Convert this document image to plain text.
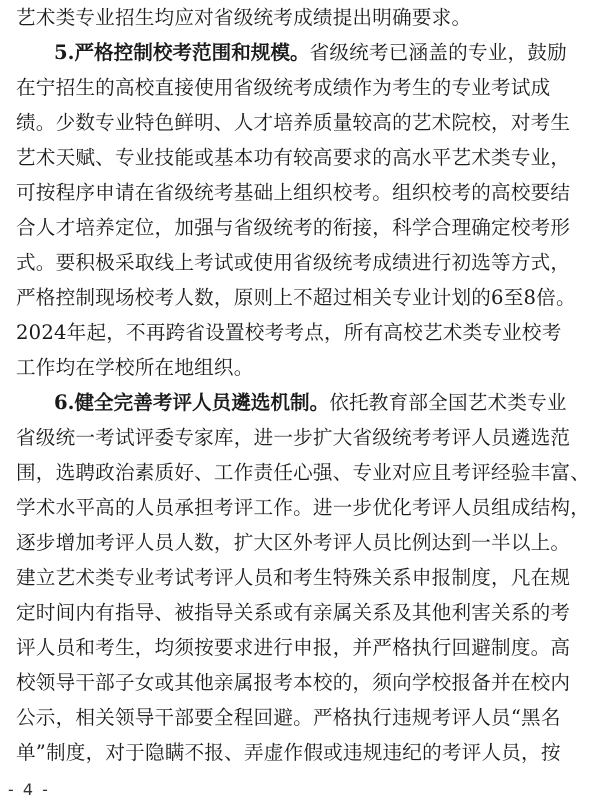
艺术类专业招生均应对省级统考成绩提出明确要求。
5.严格控制校考范围和规模。省级统考已涵盖的专业，鼓励
在宁招生的高校直接使用省级统考成绩作为考生的专业考试成
绩。少数专业特色鲜明、人才培养质量较高的艺术院校，对考生
艺术天赋、专业技能或基本功有较高要求的高水平艺术类专业，
可按程序申请在省级统考基础上组织校考。组织校考的高校要结
合人才培养定位，加强与省级统考的衔接，科学合理确定校考形
式。要积极采取线上考试或使用省级统考成绩进行初选等方式，
严格控制现场校考人数，原则上不超过相关专业计划的6至8倍。
2024年起，不再跨省设置校考考点，所有高校艺术类专业校考
工作均在学校所在地组织。
6.健全完善考评人员遴选机制。依托教育部全国艺术类专业
省级统一考试评委专家库，进一步扩大省级统考考评人员遴选范
围，选聘政治素质好、工作责任心强、专业对应且考评经验丰富、
学术水平高的人员承担考评工作。进一步优化考评人员组成结构，
逐步增加考评人员人数，扩大区外考评人员比例达到一半以上。
建立艺术类专业考试考评人员和考生特殊关系申报制度，凡在规
定时间内有指导、被指导关系或有亲属关系及其他利害关系的考
评人员和考生，均须按要求进行申报，并严格执行回避制度。高
校领导干部子女或其他亲属报考本校的，须向学校报备并在校内
公示，相关领导干部要全程回避。严格执行违规考评人员“黑名
单”制度，对于隐瞒不报、弄虚作假或违规违纪的考评人员，按
- 4 -
